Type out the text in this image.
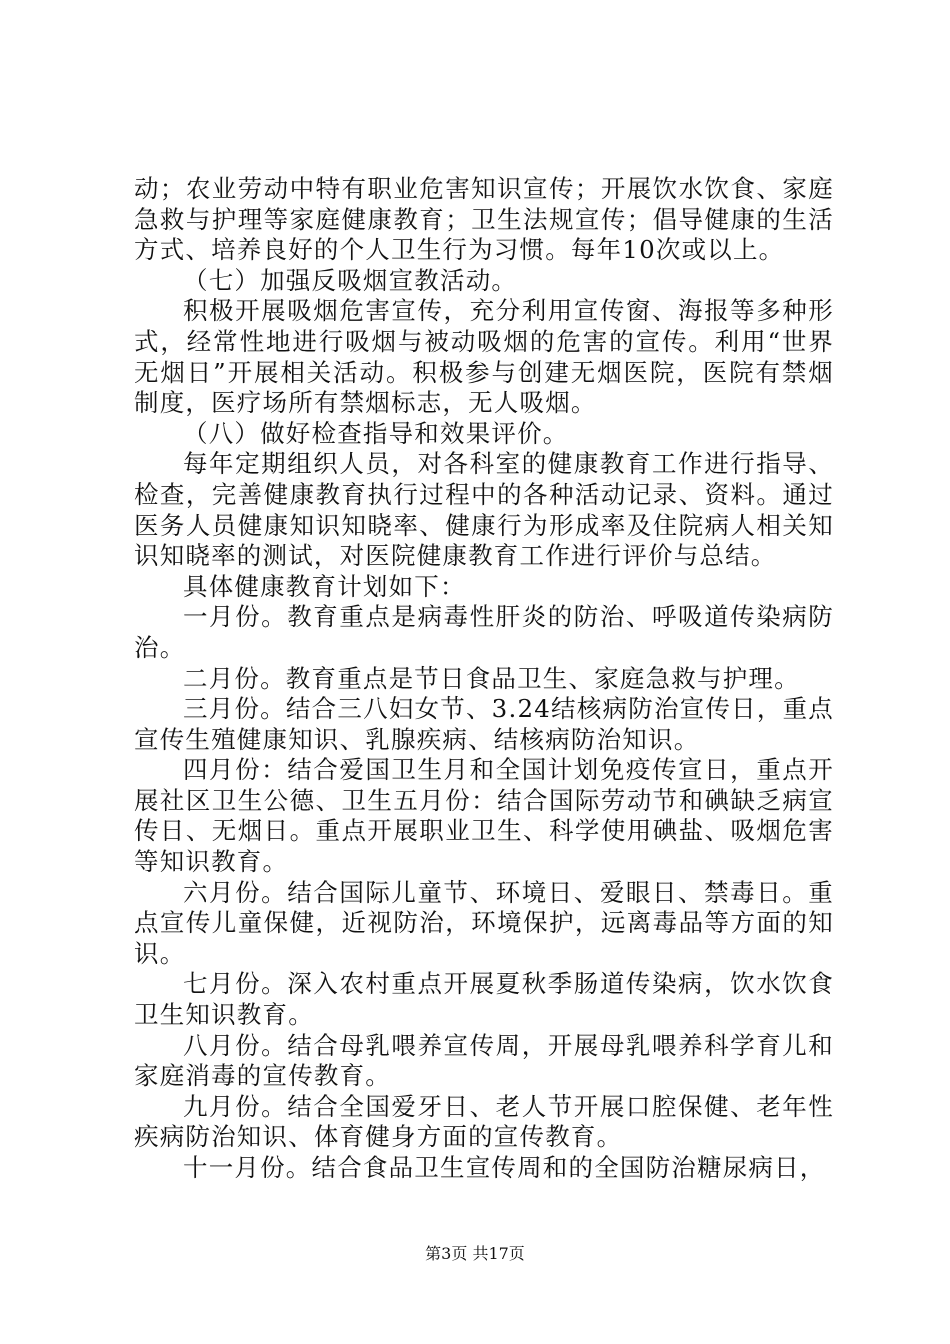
动；农业劳动中特有职业危害知识宣传；开展饮水饮食、家庭急救与护理等家庭健康教育；卫生法规宣传；倡导健康的生活方式、培养良好的个人卫生行为习惯。每年10次或以上。

（七）加强反吸烟宣教活动。

积极开展吸烟危害宣传，充分利用宣传窗、海报等多种形式，经常性地进行吸烟与被动吸烟的危害的宣传。利用“世界无烟日”开展相关活动。积极参与创建无烟医院，医院有禁烟制度，医疗场所有禁烟标志，无人吸烟。

（八）做好检查指导和效果评价。

每年定期组织人员，对各科室的健康教育工作进行指导、检查，完善健康教育执行过程中的各种活动记录、资料。通过医务人员健康知识知晓率、健康行为形成率及住院病人相关知识知晓率的测试，对医院健康教育工作进行评价与总结。

具体健康教育计划如下：

一月份。教育重点是病毒性肝炎的防治、呼吸道传染病防治。

二月份。教育重点是节日食品卫生、家庭急救与护理。

三月份。结合三八妇女节、3.24结核病防治宣传日，重点宣传生殖健康知识、乳腺疾病、结核病防治知识。

四月份：结合爱国卫生月和全国计划免疫传宣日，重点开展社区卫生公德、卫生五月份：结合国际劳动节和碘缺乏病宣传日、无烟日。重点开展职业卫生、科学使用碘盐、吸烟危害等知识教育。

六月份。结合国际儿童节、环境日、爱眼日、禁毒日。重点宣传儿童保健，近视防治，环境保护，远离毒品等方面的知识。

七月份。深入农村重点开展夏秋季肠道传染病，饮水饮食卫生知识教育。

八月份。结合母乳喂养宣传周，开展母乳喂养科学育儿和家庭消毒的宣传教育。

九月份。结合全国爱牙日、老人节开展口腔保健、老年性疾病防治知识、体育健身方面的宣传教育。

十一月份。结合食品卫生宣传周和的全国防治糖尿病日，

第3页 共17页
